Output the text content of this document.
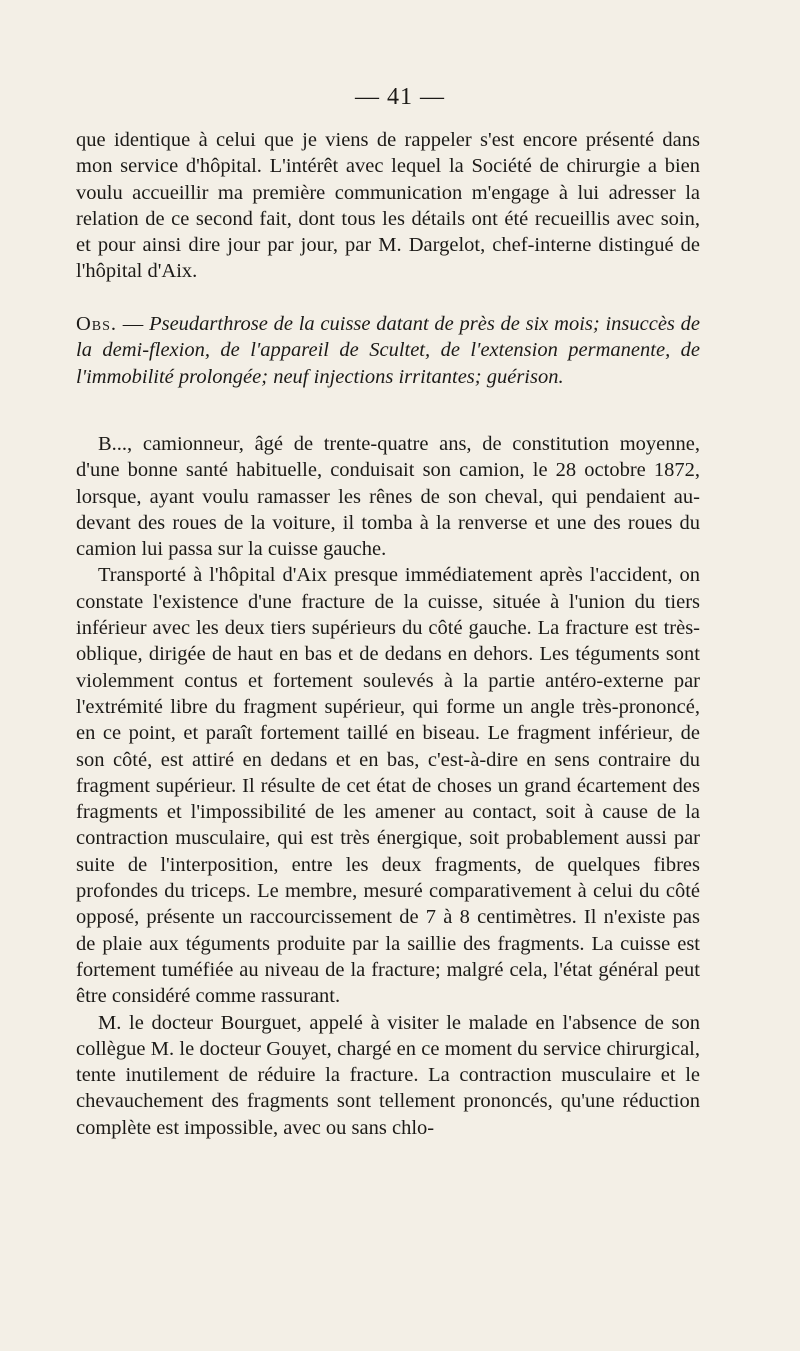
— 41 —

que identique à celui que je viens de rappeler s'est encore présenté dans mon service d'hôpital. L'intérêt avec lequel la Société de chirurgie a bien voulu accueillir ma première communication m'engage à lui adresser la relation de ce second fait, dont tous les détails ont été recueillis avec soin, et pour ainsi dire jour par jour, par M. Dargelot, chef-interne distingué de l'hôpital d'Aix.

Obs. — Pseudarthrose de la cuisse datant de près de six mois; insuccès de la demi-flexion, de l'appareil de Scultet, de l'extension permanente, de l'immobilité prolongée; neuf injections irritantes; guérison.

B..., camionneur, âgé de trente-quatre ans, de constitution moyenne, d'une bonne santé habituelle, conduisait son camion, le 28 octobre 1872, lorsque, ayant voulu ramasser les rênes de son cheval, qui pendaient au-devant des roues de la voiture, il tomba à la renverse et une des roues du camion lui passa sur la cuisse gauche.

Transporté à l'hôpital d'Aix presque immédiatement après l'accident, on constate l'existence d'une fracture de la cuisse, située à l'union du tiers inférieur avec les deux tiers supérieurs du côté gauche. La fracture est très-oblique, dirigée de haut en bas et de dedans en dehors. Les téguments sont violemment contus et fortement soulevés à la partie antéro-externe par l'extrémité libre du fragment supérieur, qui forme un angle très-prononcé, en ce point, et paraît fortement taillé en biseau. Le fragment inférieur, de son côté, est attiré en dedans et en bas, c'est-à-dire en sens contraire du fragment supérieur. Il résulte de cet état de choses un grand écartement des fragments et l'impossibilité de les amener au contact, soit à cause de la contraction musculaire, qui est très énergique, soit probablement aussi par suite de l'interposition, entre les deux fragments, de quelques fibres profondes du triceps. Le membre, mesuré comparativement à celui du côté opposé, présente un raccourcissement de 7 à 8 centimètres. Il n'existe pas de plaie aux téguments produite par la saillie des fragments. La cuisse est fortement tuméfiée au niveau de la fracture; malgré cela, l'état général peut être considéré comme rassurant.

M. le docteur Bourguet, appelé à visiter le malade en l'absence de son collègue M. le docteur Gouyet, chargé en ce moment du service chirurgical, tente inutilement de réduire la fracture. La contraction musculaire et le chevauchement des fragments sont tellement prononcés, qu'une réduction complète est impossible, avec ou sans chlo-
